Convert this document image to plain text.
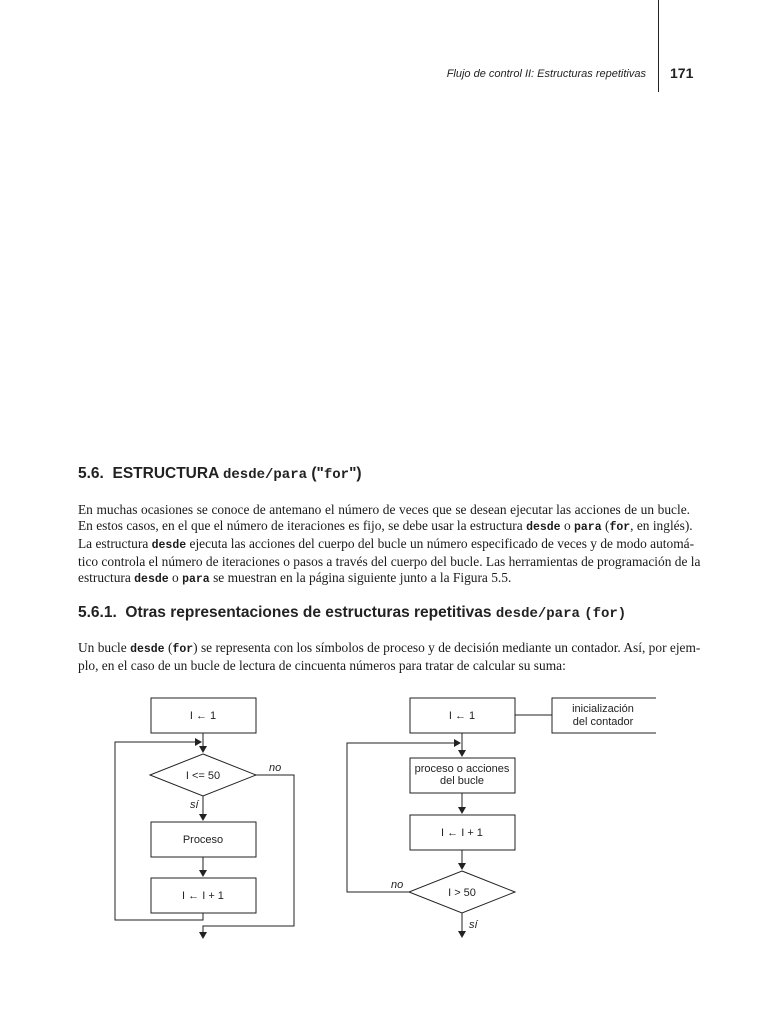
Flujo de control II: Estructuras repetitivas 171
5.6. ESTRUCTURA desde/para ("for")

En muchas ocasiones se conoce de antemano el número de veces que se desean ejecutar las acciones de un bucle.
En estos casos, en el que el número de iteraciones es fijo, se debe usar la estructura desde o para (for, en inglés).
La estructura desde ejecuta las acciones del cuerpo del bucle un número especificado de veces y de modo automá-
tico controla el número de iteraciones o pasos a través del cuerpo del bucle. Las herramientas de programación de la
estructura desde o para se muestran en la página siguiente junto a la Figura 5.5.

5.6.1. Otras representaciones de estructuras repetitivas desde/para (for)

Un bucle desde (for) se representa con los símbolos de proceso y de decisión mediante un contador. Así, por ejem-
plo, en el caso de un bucle de lectura de cincuenta números para tratar de calcular su suma:

I ← 1
I <= 50
no
sí
Proceso
I ← I + 1
I ← 1
inicialización
del contador
proceso o acciones
del bucle
I ← I + 1
I > 50
no
sí
